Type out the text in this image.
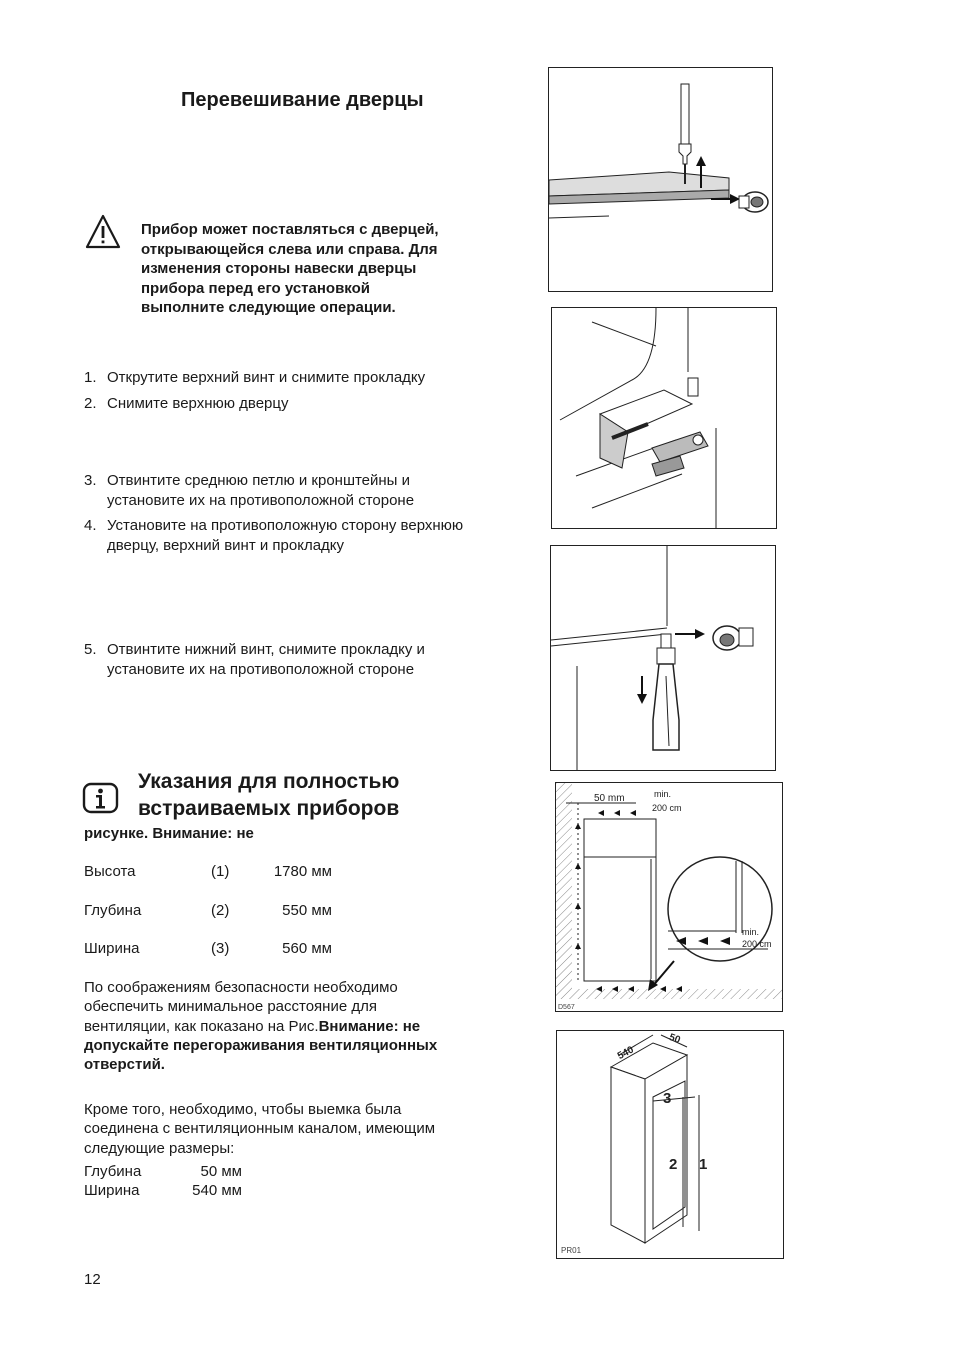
Перевешивание дверцы
Прибор может поставляться с дверцей, открывающейся слева или справа. Для изменения стороны навески дверцы прибора перед его установкой выполните следующие операции.
1. Открутите верхний винт и снимите прокладку
2. Снимите верхнюю дверцу
3. Отвинтите среднюю петлю и кронштейны и установите их на противоположной стороне
4. Установите на противоположную сторону верхнюю дверцу, верхний винт и прокладку
5. Отвинтите нижний винт, снимите прокладку и установите их на противоположной стороне
Указания для полностью
встраиваемых приборов
рисунке. Внимание: не
Высота	(1)	1780 мм
Глубина	(2)	550 мм
Ширина	(3)	560 мм
По соображениям безопасности необходимо обеспечить минимальное расстояние для вентиляции, как показано на Рис.Внимание: не допускайте перегораживания вентиляционных отверстий.
Кроме того, необходимо, чтобы выемка была соединена с вентиляционным каналом, имеющим следующие размеры:
Глубина	50 мм
Ширина	540 мм
12
50 mm	min.
200 cm
min.
200 cm
D567
540
50
3
2 1
PR01
